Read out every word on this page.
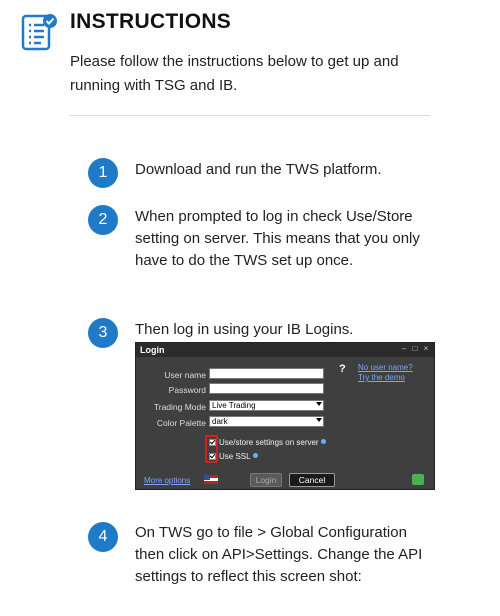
INSTRUCTIONS
Please follow the instructions below to get up and running with TSG and IB.
1	Download and run the TWS platform.
2	When prompted to log in check Use/Store setting on server. This means that you only have to do the TWS set up once.
3	Then log in using your IB Logins.
Login	– □ ×
User name
Password
Trading Mode Live Trading
Color Palette dark
? No user name?
Try the demo
Use/store settings on server
Use SSL
More options	Login	Cancel
4	On TWS go to file > Global Configuration then click on API>Settings. Change the API settings to reflect this screen shot:
